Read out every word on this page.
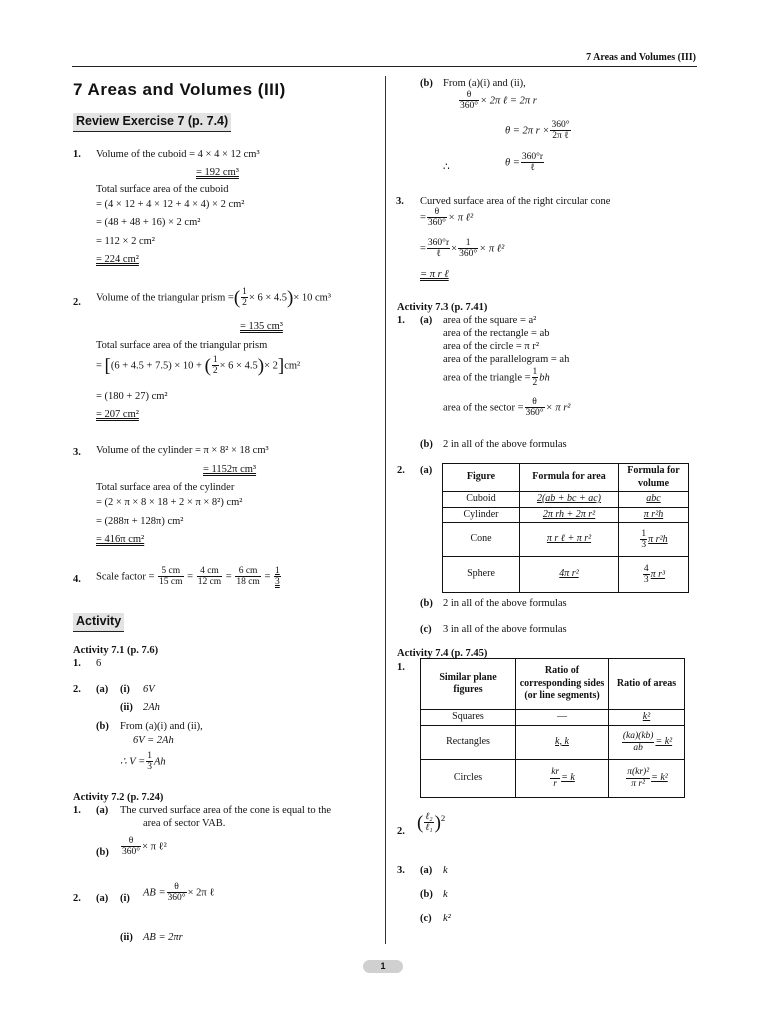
7 Areas and Volumes (III)
7 Areas and Volumes (III)
Review Exercise 7 (p. 7.4)
1. Volume of the cuboid = 4 × 4 × 12 cm³
= 192 cm³
Total surface area of the cuboid
= (4 × 12 + 4 × 12 + 4 × 4) × 2 cm²
= (48 + 48 + 16) × 2 cm²
= 112 × 2 cm²
= 224 cm²
2. Volume of the triangular prism =( $\frac{1}{2} \times 6 \times 4.5)\times 10$ cm³
= 135 cm³
Total surface area of the triangular prism
= [(6 + 4.5 + 7.5) × 10 + ( $\frac{1}{2} \times 6 \times 4.5)\times 2]cm^2$
= (180 + 27) cm²
= 207 cm²
3. Volume of the cylinder = π × 8² × 18 cm³
= 1152π cm³
Total surface area of the cylinder
= (2 × π × 8 × 18 + 2 × π × 8²) cm²
= (288π + 128π) cm²
= 416π cm²
4. Scale factor = $\frac{5 cm}{15 cm} = \frac{4 cm}{12 cm} = \frac{6 cm}{18 cm} = \frac{1}{3}$
Activity
Activity 7.1 (p. 7.6)
1. 6
2. (a) (i) 6V
(ii) 2Ah
(b) From (a)(i) and (ii),
6V = 2Ah
∴ $V = \frac{1}{3}$ Ah
Activity 7.2 (p. 7.24)
1. (a) The curved surface area of the cone is equal to the
area of sector VAB.
$(b) \frac{\theta}{360^\circ} \times \pi$ ℓ²
2. (a) (i)
AB = $\frac{\theta}{360^\circ} \times 2\pi$ ℓ
(ii) AB = 2πr
(b) From (a)(i) and (ii),
$\frac{\theta}{360^\circ} \times 2\pi$ ℓ = 2π r
θ = 2π $r \times \frac{360^\circ}{\text{2π ℓ}}$
∴	$\theta = \frac{360^\circ r}{\text{ℓ}}$
3. Curved surface area of the right circular cone
= $\frac{\theta}{360^\circ} \times \pi$ ℓ²
= $\frac{360^\circ r}{\text{ℓ}} \times \frac{1}{360^\circ} \times \pi$ ℓ²
= π r ℓ
Activity 7.3 (p. 7.41)
1. (a) area of the square = a²
area of the rectangle = ab
area of the circle = π r²
area of the parallelogram = ah
area of the triangle = $\frac{1}{2}$ bh
area of the sector = $\frac{\theta}{360^\circ} \times \pi$ r²
(b) 2 in all of the above formulas
2. (a)
Figure	Formula for area	Formula for volume
Cuboid	2(ab + bc + ac)	abc
Cylinder	2π rh + 2π r²	π r²h
Cone	π r ℓ + π r²	$\frac{1}{3}$ π r²h
Sphere	4π r²	$\frac{4}{3}$ π r³
(b) 2 in all of the above formulas
(c) 3 in all of the above formulas
Activity 7.4 (p. 7.45)
1.
Similar plane figures	Ratio of corresponding sides (or line segments)	Ratio of areas
Squares	—	k²
Rectangles	k, k	$\frac{(ka)(kb)}{ab} = k^2$
Circles	$\frac{kr}{r} = k$	$\frac{\text{π(kr)²}}{\text{π r²}} = k^2$
2. ( $\frac{\text{ℓ₂}}{\text{ℓ₁}} )^2$
3. (a) k
(b) k
(c) k²
1
